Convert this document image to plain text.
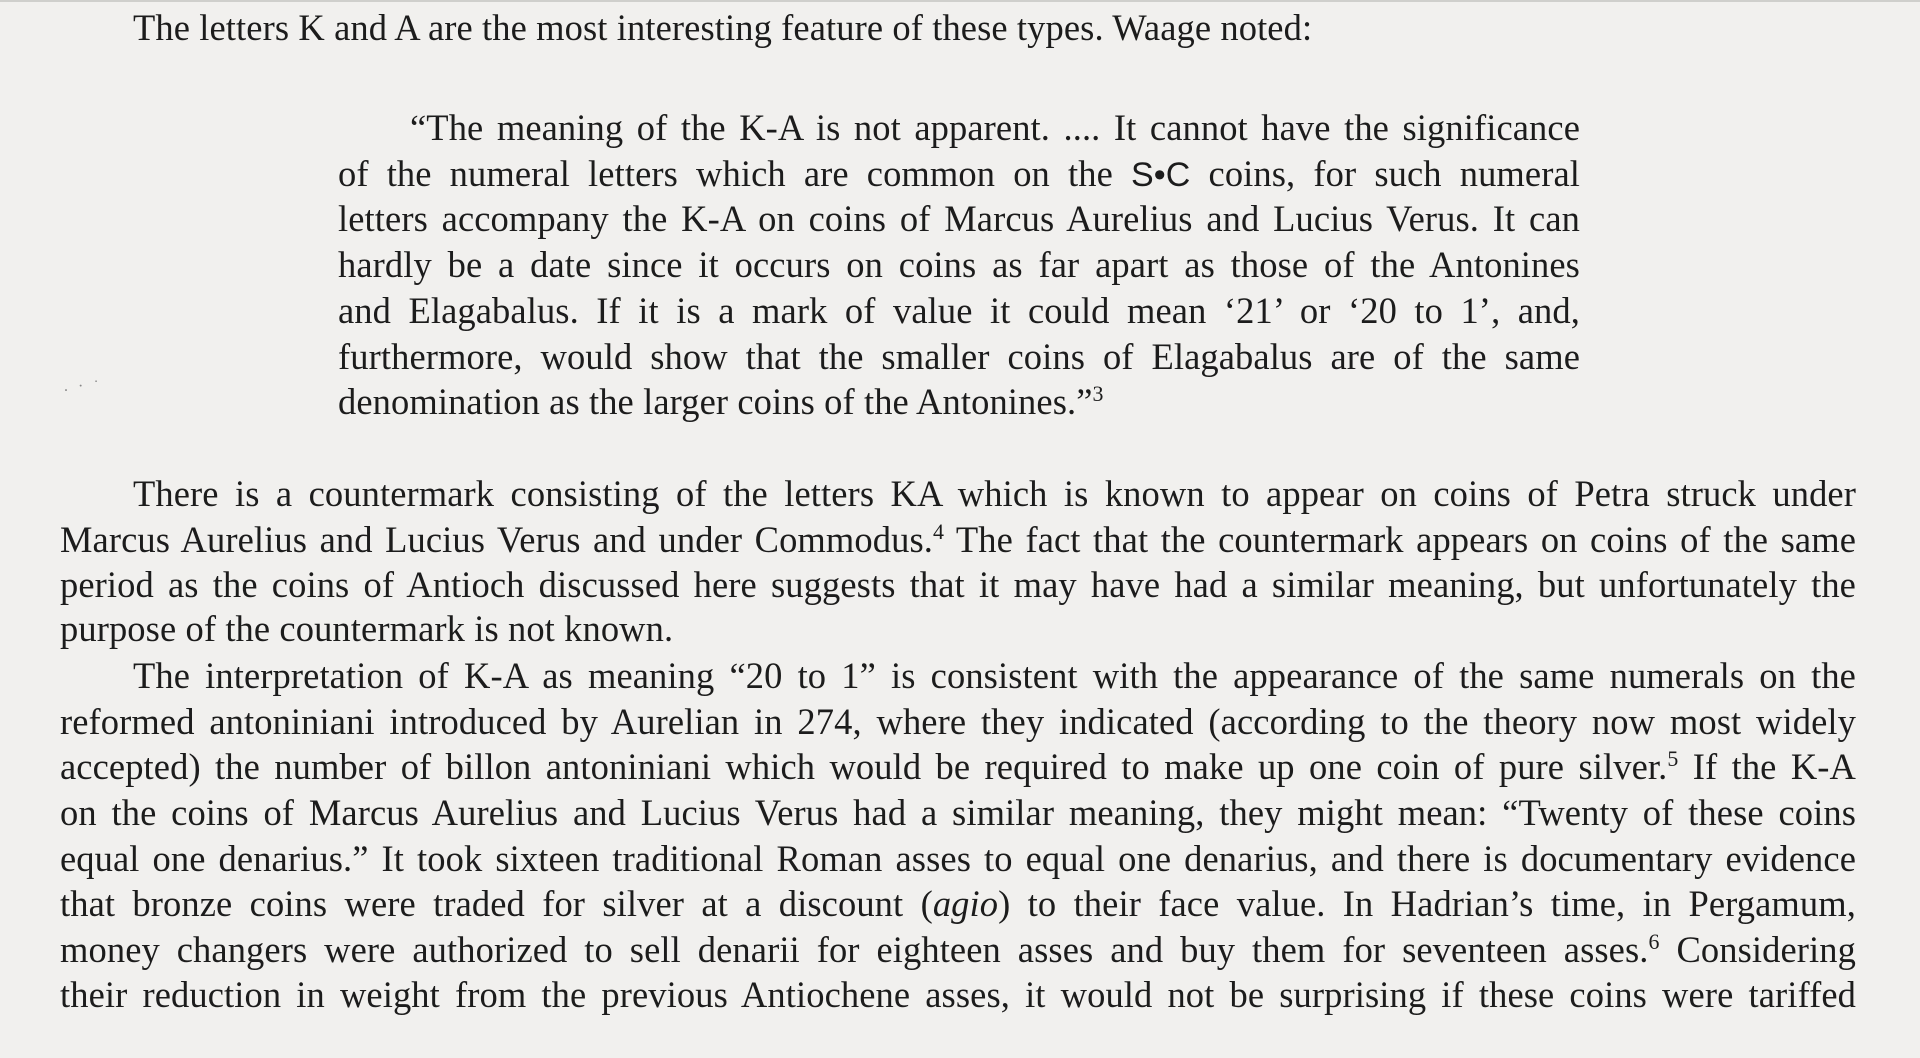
The letters K and A are the most interesting feature of these types. Waage noted:
“The meaning of the K-A is not apparent. .... It cannot have the significance
of the numeral letters which are common on the S•C coins, for such numeral
letters accompany the K-A on coins of Marcus Aurelius and Lucius Verus. It can
hardly be a date since it occurs on coins as far apart as those of the Antonines
and Elagabalus. If it is a mark of value it could mean ‘21’ or ‘20 to 1’, and,
furthermore, would show that the smaller coins of Elagabalus are of the same
denomination as the larger coins of the Antonines.”$^3$
. · ˙
There is a countermark consisting of the letters KA which is known to appear on coins of Petra struck under
Marcus Aurelius and Lucius Verus and under Commodus.$^4$ The fact that the countermark appears on coins of the same
period as the coins of Antioch discussed here suggests that it may have had a similar meaning, but unfortunately the
purpose of the countermark is not known.
The interpretation of K-A as meaning “20 to 1” is consistent with the appearance of the same numerals on the
reformed antoniniani introduced by Aurelian in 274, where they indicated (according to the theory now most widely
accepted) the number of billon antoniniani which would be required to make up one coin of pure silver.$^5$ If the K-A
on the coins of Marcus Aurelius and Lucius Verus had a similar meaning, they might mean: “Twenty of these coins
equal one denarius.” It took sixteen traditional Roman asses to equal one denarius, and there is documentary evidence
that bronze coins were traded for silver at a discount (agio) to their face value. In Hadrian’s time, in Pergamum,
money changers were authorized to sell denarii for eighteen asses and buy them for seventeen asses.$^6$ Considering
their reduction in weight from the previous Antiochene asses, it would not be surprising if these coins were tariffed
